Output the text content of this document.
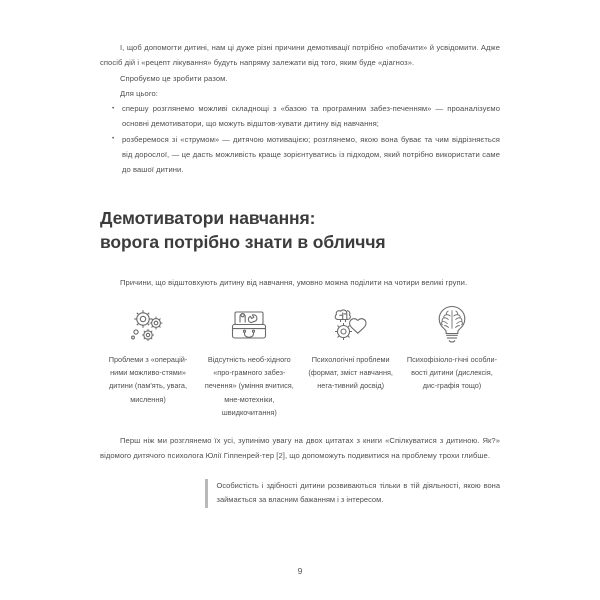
І, щоб допомогти дитині, нам ці дуже різні причини демотивації потрібно «побачити» й усвідомити. Адже спосіб дій і «рецепт лікування» будуть напряму залежати від того, яким буде «діагноз».

Спробуємо це зробити разом.

Для цього:

• спершу розглянемо можливі складнощі з «базою та програмним забез-печенням» — проаналізуємо основні демотиватори, що можуть відштов-хувати дитину від навчання;
• розберемося зі «струмом» — дитячою мотивацією; розглянемо, якою вона буває та чим відрізняється від дорослої, — це дасть можливість краще зорієнтуватись із підходом, який потрібно використати саме до вашої дитини.
Демотиватори навчання:
ворога потрібно знати в обличчя

Причини, що відштовхують дитину від навчання, умовно можна поділити на чотири великі групи.

Проблеми з «операцій-ними можливо-стями» дитини (пам'ять, увага, мислення)
Відсутність необ-хідного «про-грамного забез-печення» (уміння вчитися, мне-мотехніки, швидкочитання)
Психологічні проблеми (формат, зміст навчання, нега-тивний досвід)
Психофізіоло-гічні особли-вості дитини (дислексія, дис-графія тощо)

Перш ніж ми розглянемо їх усі, зупинімо увагу на двох цитатах з книги «Спілкуватися з дитиною. Як?» відомого дитячого психолога Юлії Гіппенрей-тер [2], що допоможуть подивитися на проблему трохи глибше.

Особистість і здібності дитини розвиваються тільки в тій діяльності, якою вона займається за власним бажанням і з інтересом.
9
